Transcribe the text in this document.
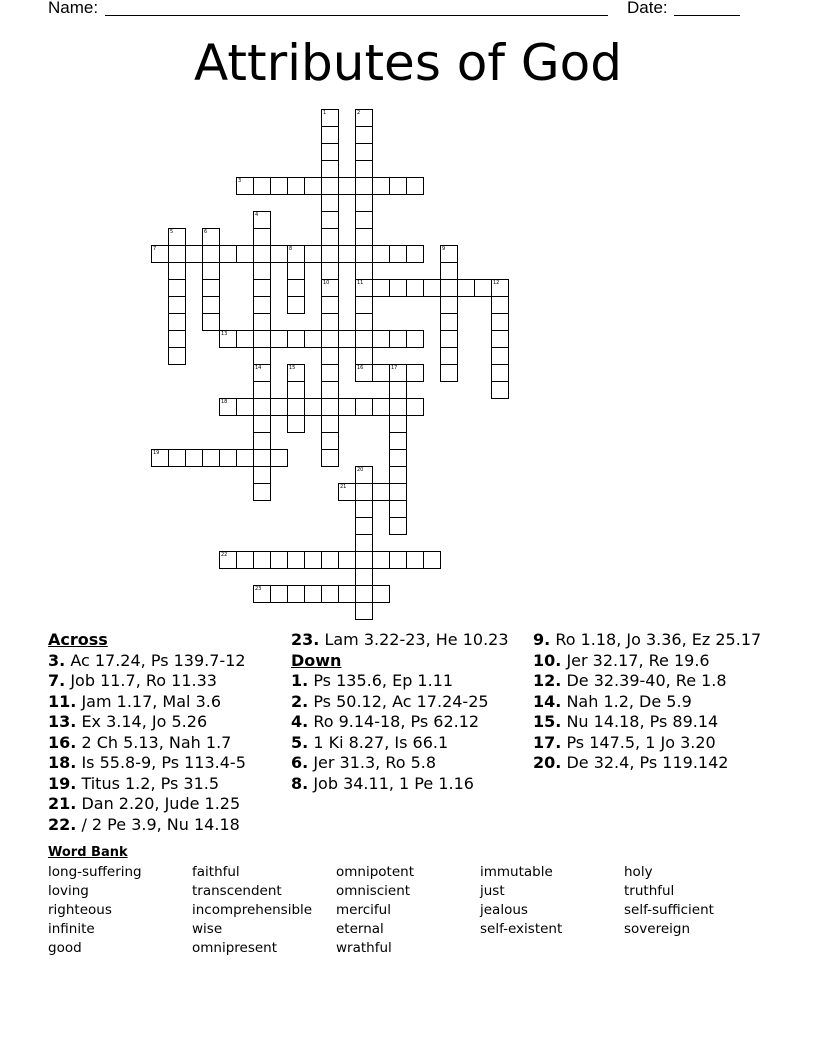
Name:	Date:
Attributes of God
1
10
2
11
3
4
14
5	6
7	8	9
12
13
15	16	17
18
19
20
21
22
23
Across
3. Ac 17.24, Ps 139.7-12
7. Job 11.7, Ro 11.33
11. Jam 1.17, Mal 3.6
13. Ex 3.14, Jo 5.26
16. 2 Ch 5.13, Nah 1.7
18. Is 55.8-9, Ps 113.4-5
19. Titus 1.2, Ps 31.5
21. Dan 2.20, Jude 1.25
22. / 2 Pe 3.9, Nu 14.18
23. Lam 3.22-23, He 10.23
Down
1. Ps 135.6, Ep 1.11
2. Ps 50.12, Ac 17.24-25
4. Ro 9.14-18, Ps 62.12
5. 1 Ki 8.27, Is 66.1
6. Jer 31.3, Ro 5.8
8. Job 34.11, 1 Pe 1.16
9. Ro 1.18, Jo 3.36, Ez 25.17
10. Jer 32.17, Re 19.6
12. De 32.39-40, Re 1.8
14. Nah 1.2, De 5.9
15. Nu 14.18, Ps 89.14
17. Ps 147.5, 1 Jo 3.20
20. De 32.4, Ps 119.142
Word Bank
long-suffering
loving
righteous
infinite
good
faithful
transcendent
incomprehensible
wise
omnipresent
omnipotent
omniscient
merciful
eternal
wrathful
immutable
just
jealous
self-existent
holy
truthful
self-sufficient
sovereign
